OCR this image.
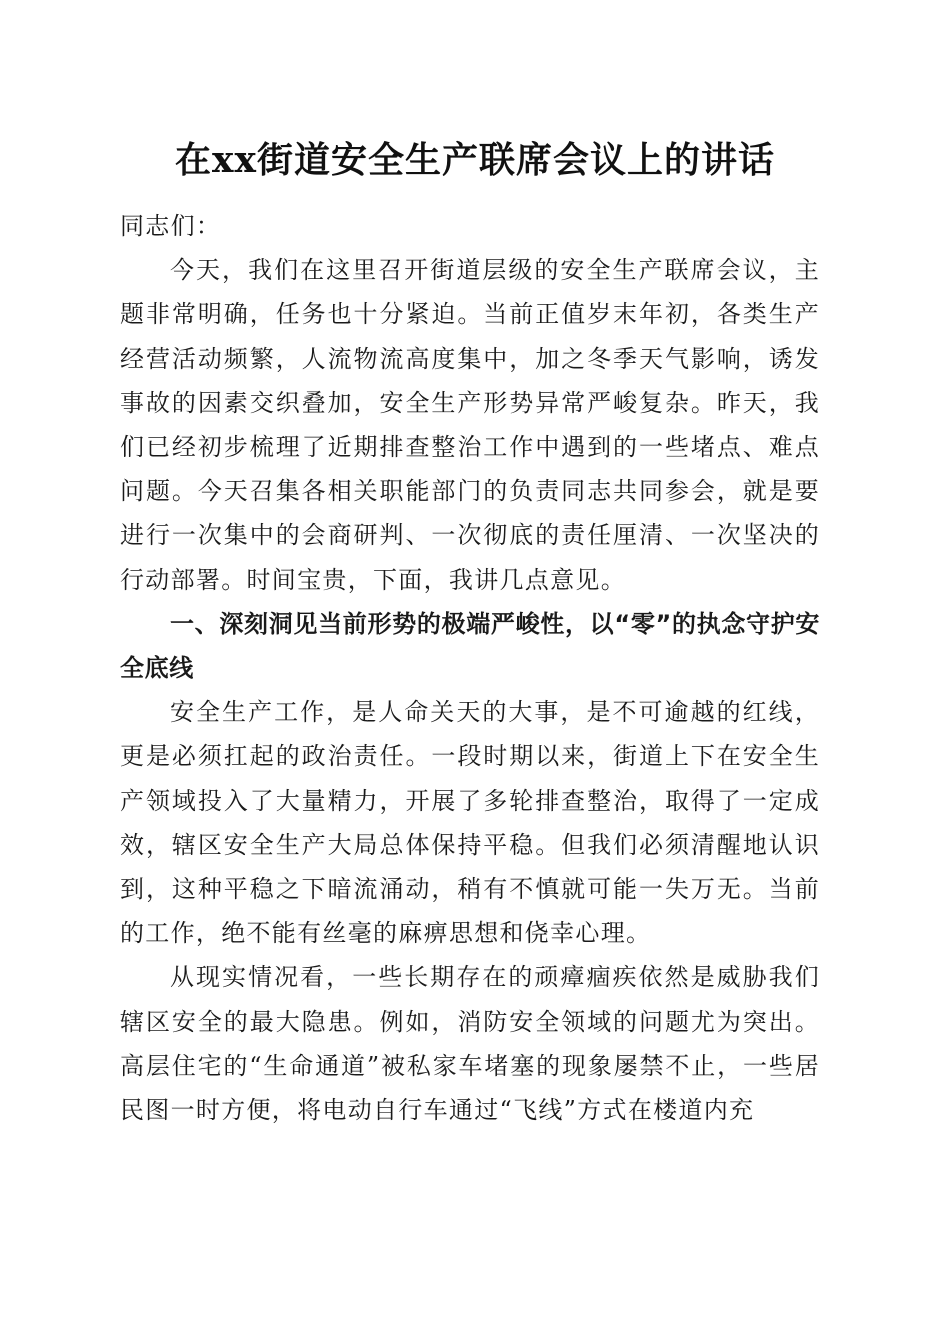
在xx街道安全生产联席会议上的讲话

同志们：

今天，我们在这里召开街道层级的安全生产联席会议，主题非常明确，任务也十分紧迫。当前正值岁末年初，各类生产经营活动频繁，人流物流高度集中，加之冬季天气影响，诱发事故的因素交织叠加，安全生产形势异常严峻复杂。昨天，我们已经初步梳理了近期排查整治工作中遇到的一些堵点、难点问题。今天召集各相关职能部门的负责同志共同参会，就是要进行一次集中的会商研判、一次彻底的责任厘清、一次坚决的行动部署。时间宝贵，下面，我讲几点意见。

一、深刻洞见当前形势的极端严峻性，以“零”的执念守护安全底线

安全生产工作，是人命关天的大事，是不可逾越的红线，更是必须扛起的政治责任。一段时期以来，街道上下在安全生产领域投入了大量精力，开展了多轮排查整治，取得了一定成效，辖区安全生产大局总体保持平稳。但我们必须清醒地认识到，这种平稳之下暗流涌动，稍有不慎就可能一失万无。当前的工作，绝不能有丝毫的麻痹思想和侥幸心理。

从现实情况看，一些长期存在的顽瘴痼疾依然是威胁我们辖区安全的最大隐患。例如，消防安全领域的问题尤为突出。高层住宅的“生命通道”被私家车堵塞的现象屡禁不止，一些居民图一时方便，将电动自行车通过“飞线”方式在楼道内充
